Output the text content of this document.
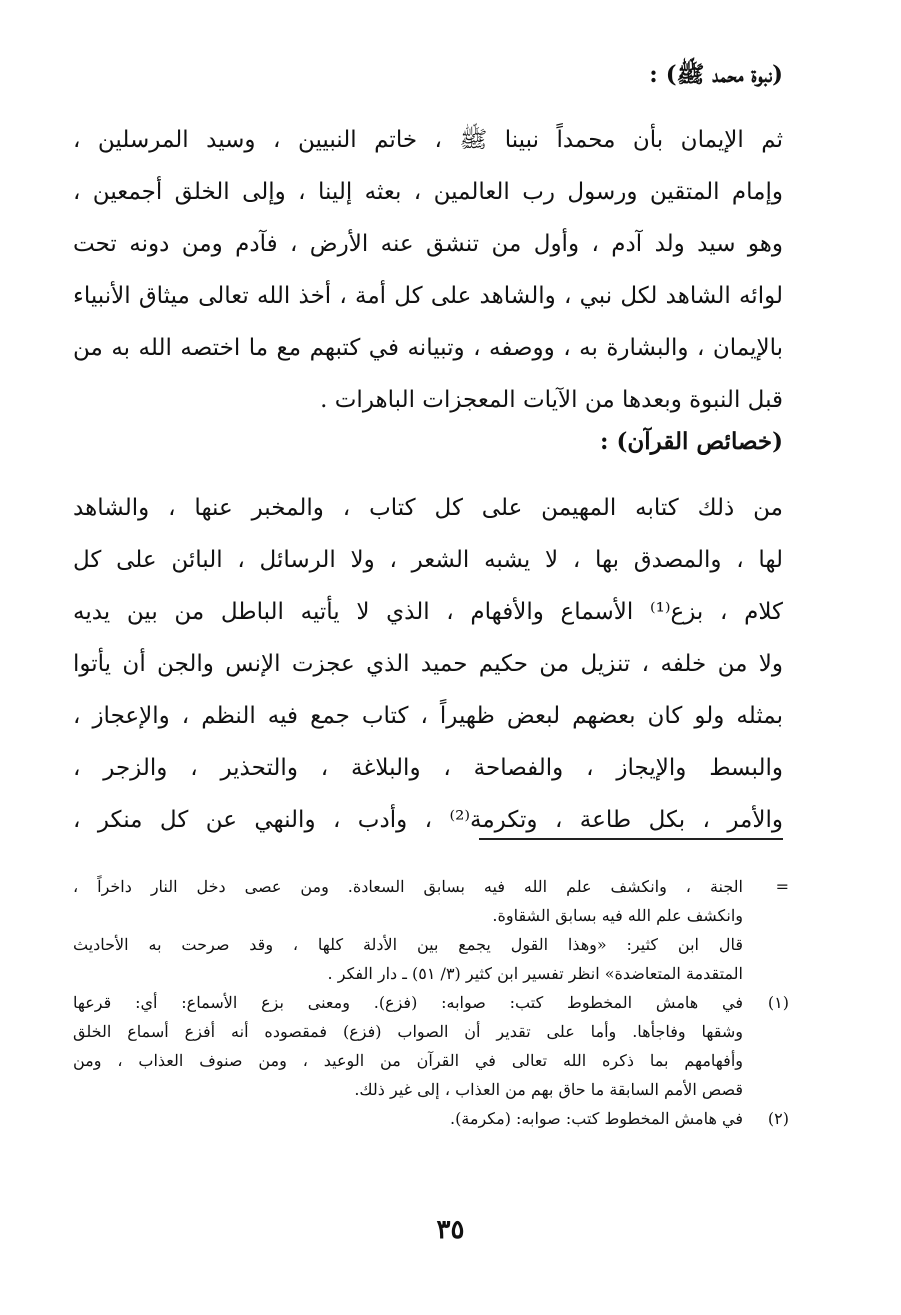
(نبوة محمد ﷺ) :
ثم الإيمان بأن محمداً نبينا ﷺ ، خاتم النبيين ، وسيد المرسلين ،
وإمام المتقين ورسول رب العالمين ، بعثه إلينا ، وإلى الخلق أجمعين ،
وهو سيد ولد آدم ، وأول من تنشق عنه الأرض ، فآدم ومن دونه تحت
لوائه الشاهد لكل نبي ، والشاهد على كل أمة ، أخذ الله تعالى ميثاق الأنبياء
بالإيمان ، والبشارة به ، ووصفه ، وتبيانه في كتبهم مع ما اختصه الله به من
قبل النبوة وبعدها من الآيات المعجزات الباهرات .
(خصائص القرآن) :
من ذلك كتابه المهيمن على كل كتاب ، والمخبر عنها ، والشاهد
لها ، والمصدق بها ، لا يشبه الشعر ، ولا الرسائل ، البائن على كل
كلام ، بزع⁽¹⁾ الأسماع والأفهام ، الذي لا يأتيه الباطل من بين يديه
ولا من خلفه ، تنزيل من حكيم حميد الذي عجزت الإنس والجن أن يأتوا
بمثله ولو كان بعضهم لبعض ظهيراً ، كتاب جمع فيه النظم ، والإعجاز ،
والبسط والإيجاز ، والفصاحة ، والبلاغة ، والتحذير ، والزجر ،
والأمر ، بكل طاعة ، وتكرمة⁽²⁾ ، وأدب ، والنهي عن كل منكر ،
=
الجنة ، وانكشف علم الله فيه بسابق السعادة. ومن عصى دخل النار داخراً ،
وانكشف علم الله فيه بسابق الشقاوة.
قال ابن كثير: «وهذا القول يجمع بين الأدلة كلها ، وقد صرحت به الأحاديث
المتقدمة المتعاضدة» انظر تفسير ابن كثير (٣/ ٥١) ـ دار الفكر .
(١)
في هامش المخطوط كتب: صوابه: (فزع). ومعنى بزع الأسماع: أي: قرعها
وشقها وفاجأها. وأما على تقدير أن الصواب (فزع) فمقصوده أنه أفزع أسماع الخلق
وأفهامهم بما ذكره الله تعالى في القرآن من الوعيد ، ومن صنوف العذاب ، ومن
قصص الأمم السابقة ما حاق بهم من العذاب ، إلى غير ذلك.
(٢)
في هامش المخطوط كتب: صوابه: (مكرمة).
٣٥
